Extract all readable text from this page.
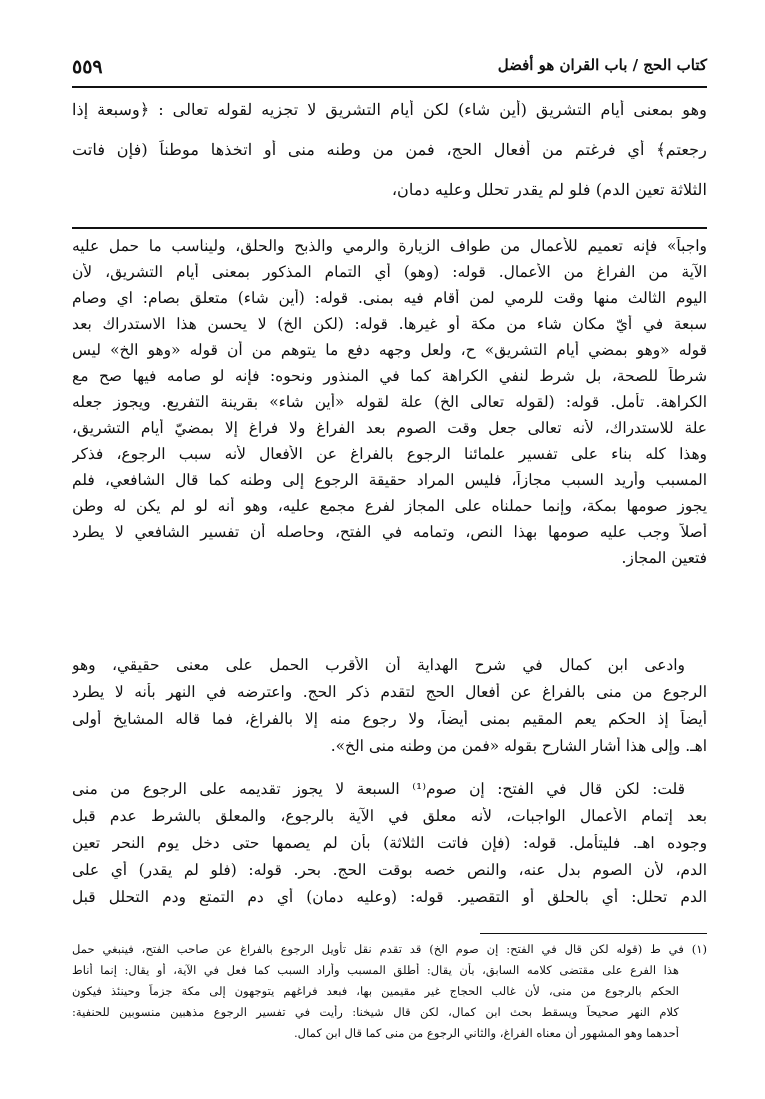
كتاب الحج / باب القران هو أفضل
٥٥٩
وهو بمعنى أيام التشريق (أين شاء) لكن أيام التشريق لا تجزيه لقوله تعالى : ﴿وسبعة إذا
رجعتم﴾ أي فرغتم من أفعال الحج، فمن من وطنه منى أو اتخذها موطناً (فإن فاتت
الثلاثة تعين الدم) فلو لم يقدر تحلل وعليه دمان،
واجباً» فإنه تعميم للأعمال من طواف الزيارة والرمي والذبح والحلق، وليناسب ما حمل عليه
الآية من الفراغ من الأعمال. قوله: (وهو) أي التمام المذكور بمعنى أيام التشريق، لأن
اليوم الثالث منها وقت للرمي لمن أقام فيه بمنى. قوله: (أين شاء) متعلق بصام: اي وصام
سبعة في أيّ مكان شاء من مكة أو غيرها. قوله: (لكن الخ) لا يحسن هذا الاستدراك بعد
قوله «وهو بمضي أيام التشريق» ح، ولعل وجهه دفع ما يتوهم من أن قوله «وهو الخ» ليس
شرطاً للصحة، بل شرط لنفي الكراهة كما في المنذور ونحوه: فإنه لو صامه فيها صح مع
الكراهة. تأمل. قوله: (لقوله تعالى الخ) علة لقوله «أين شاء» بقرينة التفريع. ويجوز جعله
علة للاستدراك، لأنه تعالى جعل وقت الصوم بعد الفراغ ولا فراغ إلا بمضيّ أيام التشريق،
وهذا كله بناء على تفسير علمائنا الرجوع بالفراغ عن الأفعال لأنه سبب الرجوع، فذكر
المسبب وأريد السبب مجازاً، فليس المراد حقيقة الرجوع إلى وطنه كما قال الشافعي، فلم
يجوز صومها بمكة، وإنما حملناه على المجاز لفرع مجمع عليه، وهو أنه لو لم يكن له وطن
أصلاً وجب عليه صومها بهذا النص، وتمامه في الفتح، وحاصله أن تفسير الشافعي لا يطرد
فتعين المجاز.
وادعى ابن كمال في شرح الهداية أن الأقرب الحمل على معنى حقيقي، وهو
الرجوع من منى بالفراغ عن أفعال الحج لتقدم ذكر الحج. واعترضه في النهر بأنه لا يطرد
أيضاً إذ الحكم يعم المقيم بمنى أيضاً، ولا رجوع منه إلا بالفراغ، فما قاله المشايخ أولى
اهـ. وإلى هذا أشار الشارح بقوله «فمن من وطنه منى الخ».
قلت: لكن قال في الفتح: إن صوم⁽¹⁾ السبعة لا يجوز تقديمه على الرجوع من منى
بعد إتمام الأعمال الواجبات، لأنه معلق في الآية بالرجوع، والمعلق بالشرط عدم قبل
وجوده اهـ. فليتأمل. قوله: (فإن فاتت الثلاثة) بأن لم يصمها حتى دخل يوم النحر تعين
الدم، لأن الصوم بدل عنه، والنص خصه بوقت الحج. بحر. قوله: (فلو لم يقدر) أي على
الدم تحلل: أي بالحلق أو التقصير. قوله: (وعليه دمان) أي دم التمتع ودم التحلل قبل
(١) في ط (قوله لكن قال في الفتح: إن صوم الخ) قد تقدم نقل تأويل الرجوع بالفراغ عن صاحب الفتح، فينبغي حمل
هذا الفرع على مقتضى كلامه السابق، بأن يقال: أطلق المسبب وأراد السبب كما فعل في الآية، أو يقال: إنما أناط
الحكم بالرجوع من منى، لأن غالب الحجاج غير مقيمين بها، فبعد فراغهم يتوجهون إلى مكة جزماً وحينئذ فيكون
كلام النهر صحيحاً ويسقط بحث ابن كمال، لكن قال شيخنا: رأيت في تفسير الرجوع مذهبين منسوبين للحنفية:
أحدهما وهو المشهور أن معناه الفراغ، والثاني الرجوع من منى كما قال ابن كمال.
